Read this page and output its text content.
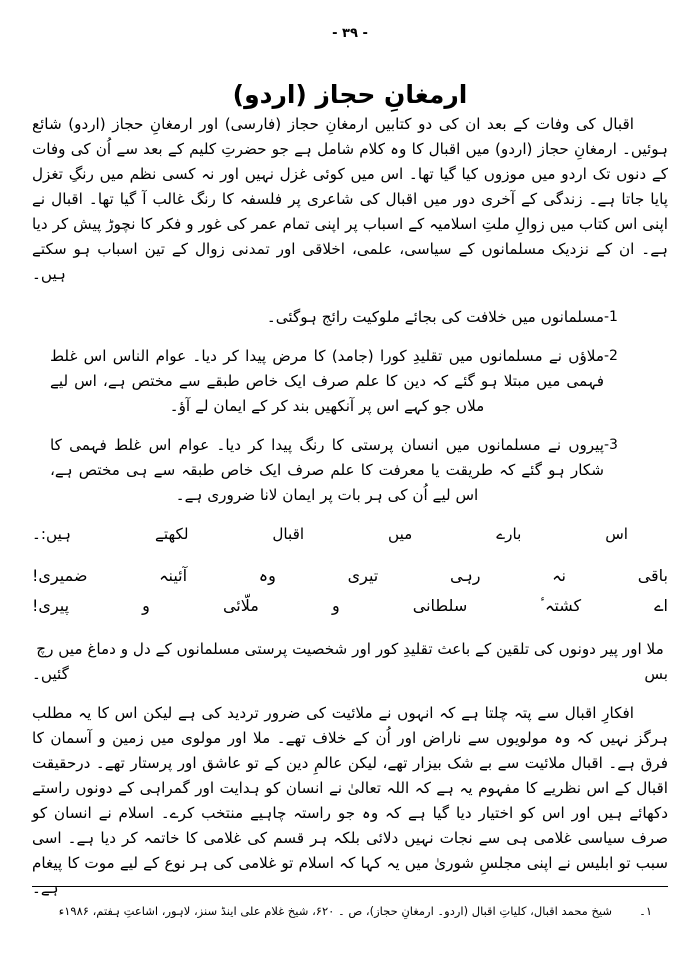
- ۹۳ -
ارمغانِ حجاز (اردو)

اقبال کی وفات کے بعد ان کی دو کتابیں ارمغانِ حجاز (فارسی) اور ارمغانِ حجاز (اردو) شائع ہوئیں۔ ارمغانِ حجاز (اردو) میں اقبال کا وہ کلام شامل ہے جو حضرتِ کلیم کے بعد سے اُن کی وفات کے دنوں تک اردو میں موزوں کیا گیا تھا۔ اس میں کوئی غزل نہیں اور نہ کسی نظم میں رنگِ تغزل پایا جاتا ہے۔ زندگی کے آخری دور میں اقبال کی شاعری پر فلسفہ کا رنگ غالب آ گیا تھا۔ اقبال نے اپنی اس کتاب میں زوالِ ملتِ اسلامیہ کے اسباب پر اپنی تمام عمر کی غور و فکر کا نچوڑ پیش کر دیا ہے۔ ان کے نزدیک مسلمانوں کے سیاسی، علمی، اخلاقی اور تمدنی زوال کے تین اسباب ہو سکتے ہیں۔

-1
مسلمانوں میں خلافت کی بجائے ملوکیت رائج ہوگئی۔
-2
ملاؤں نے مسلمانوں میں تقلیدِ کورا (جامد) کا مرض پیدا کر دیا۔ عوام الناس اس غلط فہمی میں مبتلا ہو گئے کہ دین کا علم صرف ایک خاص طبقے سے مختص ہے، اس لیے ملاں جو کہے اس پر آنکھیں بند کر کے ایمان لے آؤ۔
-3
پیروں نے مسلمانوں میں انسان پرستی کا رنگ پیدا کر دیا۔ عوام اس غلط فہمی کا شکار ہو گئے کہ طریقت یا معرفت کا علم صرف ایک خاص طبقہ سے ہی مختص ہے، اس لیے اُن کی ہر بات پر ایمان لانا ضروری ہے۔

اس بارے میں اقبال لکھتے ہیں:۔

باقی نہ رہی تیری وہ آئینہ ضمیری!
اے کشتہٴ سلطانی و ملّائی و پیری!

ملا اور پیر دونوں کی تلقین کے باعث تقلیدِ کور اور شخصیت پرستی مسلمانوں کے دل و دماغ میں رچ بس گئیں۔

افکارِ اقبال سے پتہ چلتا ہے کہ انہوں نے ملائیت کی ضرور تردید کی ہے لیکن اس کا یہ مطلب ہرگز نہیں کہ وہ مولویوں سے ناراض اور اُن کے خلاف تھے۔ ملا اور مولوی میں زمین و آسمان کا فرق ہے۔ اقبال ملائیت سے بے شک بیزار تھے، لیکن عالمِ دین کے تو عاشق اور پرستار تھے۔ درحقیقت اقبال کے اس نظریے کا مفہوم یہ ہے کہ اللہ تعالیٰ نے انسان کو ہدایت اور گمراہی کے دونوں راستے دکھائے ہیں اور اس کو اختیار دیا گیا ہے کہ وہ جو راستہ چاہیے منتخب کرے۔ اسلام نے انسان کو صرف سیاسی غلامی ہی سے نجات نہیں دلائی بلکہ ہر قسم کی غلامی کا خاتمہ کر دیا ہے۔ اسی سبب تو ابلیس نے اپنی مجلسِ شوریٰ میں یہ کہا کہ اسلام تو غلامی کی ہر نوع کے لیے موت کا پیغام ہے۔

۱۔
شیخ محمد اقبال، کلیاتِ اقبال (اردو۔ ارمغانِ حجاز)، ص ۔ ۶۲۰، شیخ غلام علی اینڈ سنز، لاہور، اشاعتِ ہفتم، ۱۹۸۶ء
